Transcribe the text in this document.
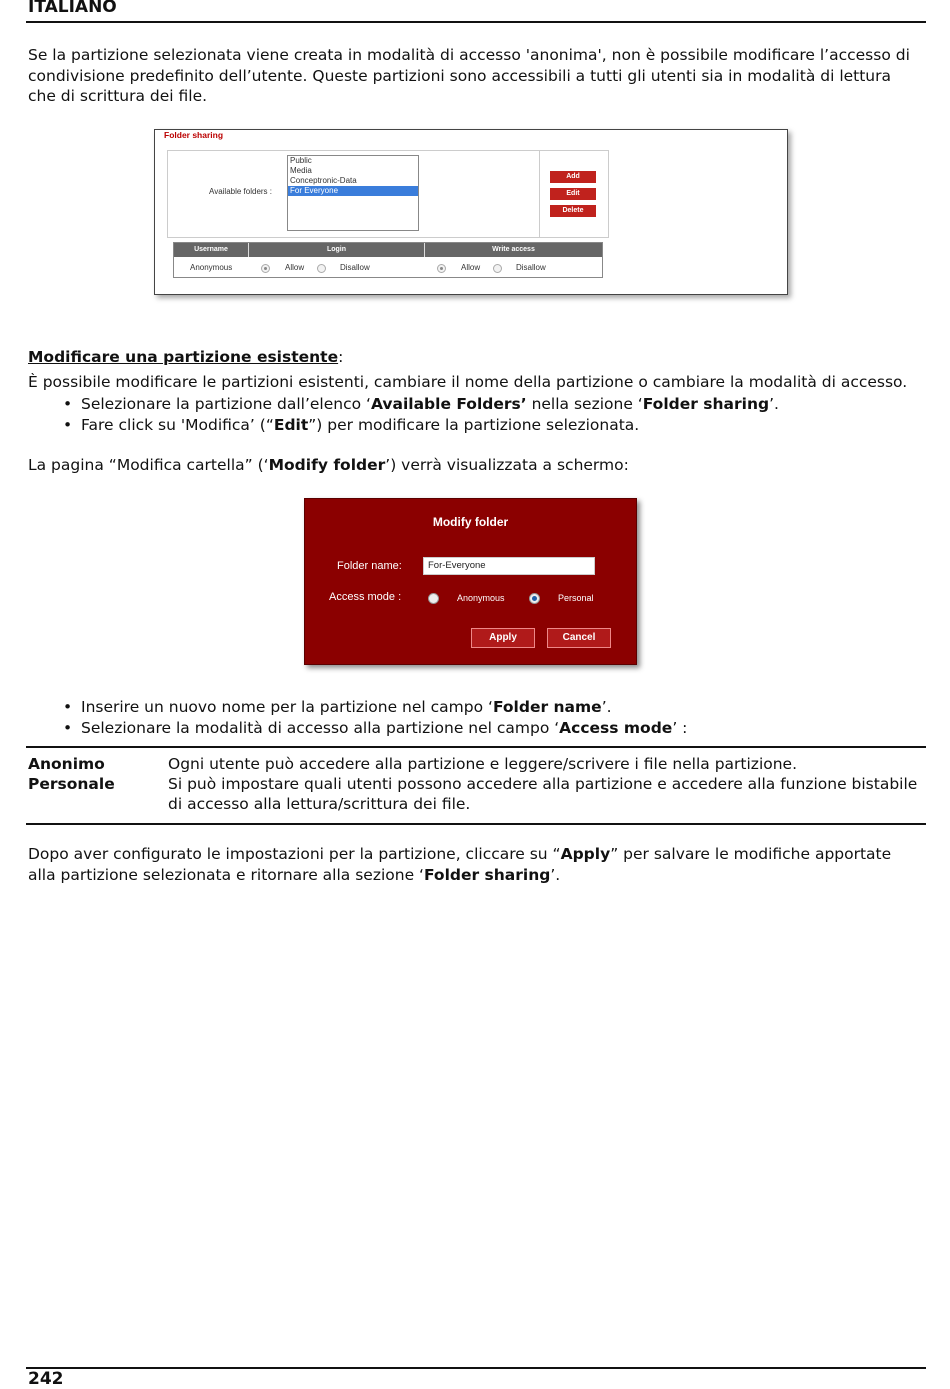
ITALIANO
Se la partizione selezionata viene creata in modalità di accesso 'anonima', non è possibile modificare l’accesso di
condivisione predefinito dell’utente. Queste partizioni sono accessibili a tutti gli utenti sia in modalità di lettura
che di scrittura dei file.
Folder sharing
Available folders :
Public
Media
Conceptronic-Data
For Everyone
Add
Edit
Delete
Username	Login	Write access
Anonymous	Allow	Disallow	Allow	Disallow
Modificare una partizione esistente:
È possibile modificare le partizioni esistenti, cambiare il nome della partizione o cambiare la modalità di accesso.
Selezionare la partizione dall’elenco ‘Available Folders’ nella sezione ‘Folder sharing’.
Fare click su 'Modifica’ (“Edit”) per modificare la partizione selezionata.
La pagina “Modifica cartella” (‘Modify folder’) verrà visualizzata a schermo:
Modify folder
Folder name:
For-Everyone
Access mode :	Anonymous	Personal
Apply	Cancel
Inserire un nuovo nome per la partizione nel campo ‘Folder name’.
Selezionare la modalità di accesso alla partizione nel campo ‘Access mode’ :
Anonimo	Ogni utente può accedere alla partizione e leggere/scrivere i file nella partizione.
Personale	Si può impostare quali utenti possono accedere alla partizione e accedere alla funzione bistabile
di accesso alla lettura/scrittura dei file.
Dopo aver configurato le impostazioni per la partizione, cliccare su “Apply” per salvare le modifiche apportate
alla partizione selezionata e ritornare alla sezione ‘Folder sharing’.
242
